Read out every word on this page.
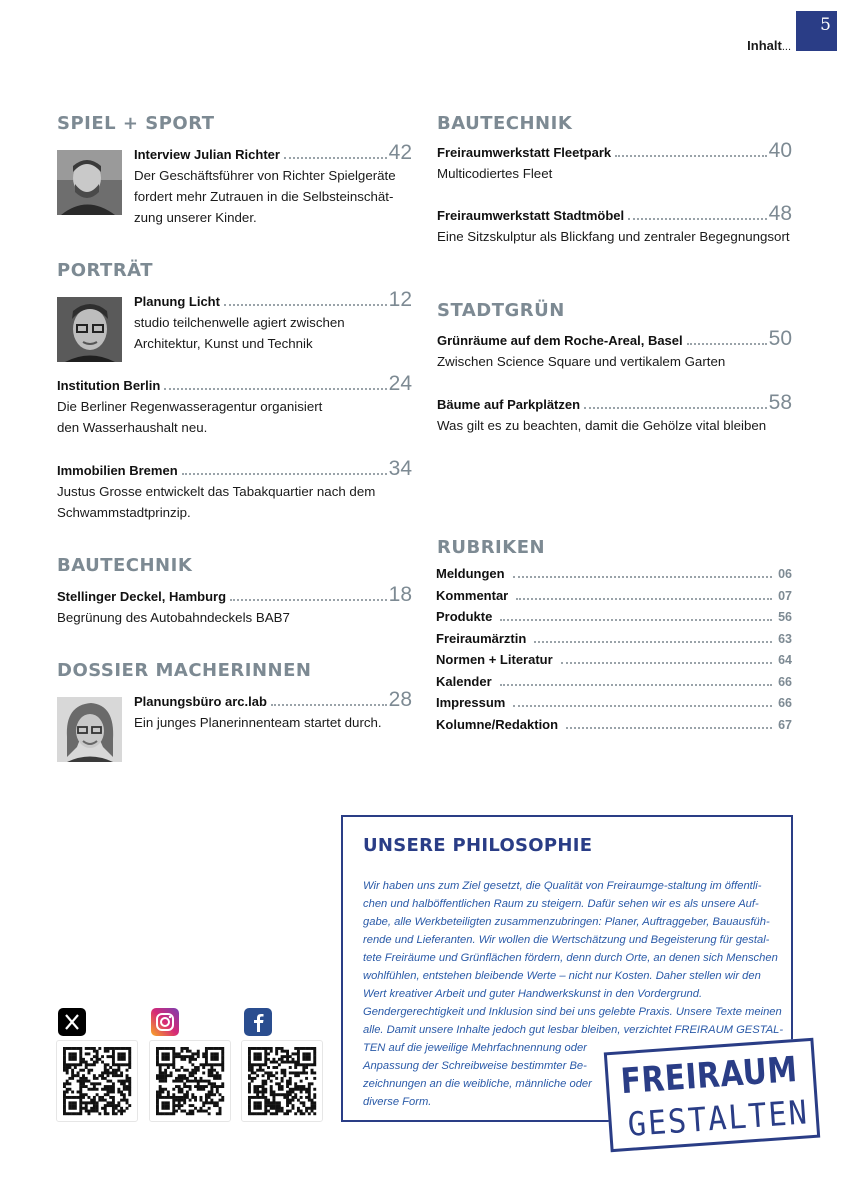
5
Inhalt...
SPIEL + SPORT
Interview Julian Richter	42
Der Geschäftsführer von Richter Spielgeräte
fordert mehr Zutrauen in die Selbsteinschät-
zung unserer Kinder.
PORTRÄT
Planung Licht	12
studio teilchenwelle agiert zwischen
Architektur, Kunst und Technik
Institution Berlin	24
Die Berliner Regenwasseragentur organisiert
den Wasserhaushalt neu.
Immobilien Bremen	34
Justus Grosse entwickelt das Tabakquartier nach dem
Schwammstadtprinzip.
BAUTECHNIK
Stellinger Deckel, Hamburg	18
Begrünung des Autobahndeckels BAB7
DOSSIER MACHERINNEN
Planungsbüro arc.lab	28
Ein junges Planerinnenteam startet durch.
BAUTECHNIK
Freiraumwerkstatt Fleetpark	40
Multicodiertes Fleet
Freiraumwerkstatt Stadtmöbel	48
Eine Sitzskulptur als Blickfang und zentraler Begegnungsort
STADTGRÜN
Grünräume auf dem Roche-Areal, Basel	50
Zwischen Science Square und vertikalem Garten
Bäume auf Parkplätzen	58
Was gilt es zu beachten, damit die Gehölze vital bleiben
RUBRIKEN
Meldungen	06
Kommentar	07
Produkte	56
Freiraumärztin	63
Normen + Literatur	64
Kalender	66
Impressum	66
Kolumne/Redaktion	67
UNSERE PHILOSOPHIE
Wir haben uns zum Ziel gesetzt, die Qualität von Freiraumge-staltung im öffentli-
chen und halböffentlichen Raum zu steigern. Dafür sehen wir es als unsere Auf-
gabe, alle Werkbeteiligten zusammenzubringen: Planer, Auftraggeber, Bauausfüh-
rende und Lieferanten. Wir wollen die Wertschätzung und Begeisterung für gestal-
tete Freiräume und Grünflächen fördern, denn durch Orte, an denen sich Menschen
wohlfühlen, entstehen bleibende Werte – nicht nur Kosten. Daher stellen wir den
Wert kreativer Arbeit und guter Handwerkskunst in den Vordergrund.
Gendergerechtigkeit und Inklusion sind bei uns gelebte Praxis. Unsere Texte meinen
alle. Damit unsere Inhalte jedoch gut lesbar bleiben, verzichtet FREIRAUM GESTAL-
TEN auf die jeweilige Mehrfachnennung oder
Anpassung der Schreibweise bestimmter Be-
zeichnungen an die weibliche, männliche oder
diverse Form.	FREIRAUM
GESTALTEN
